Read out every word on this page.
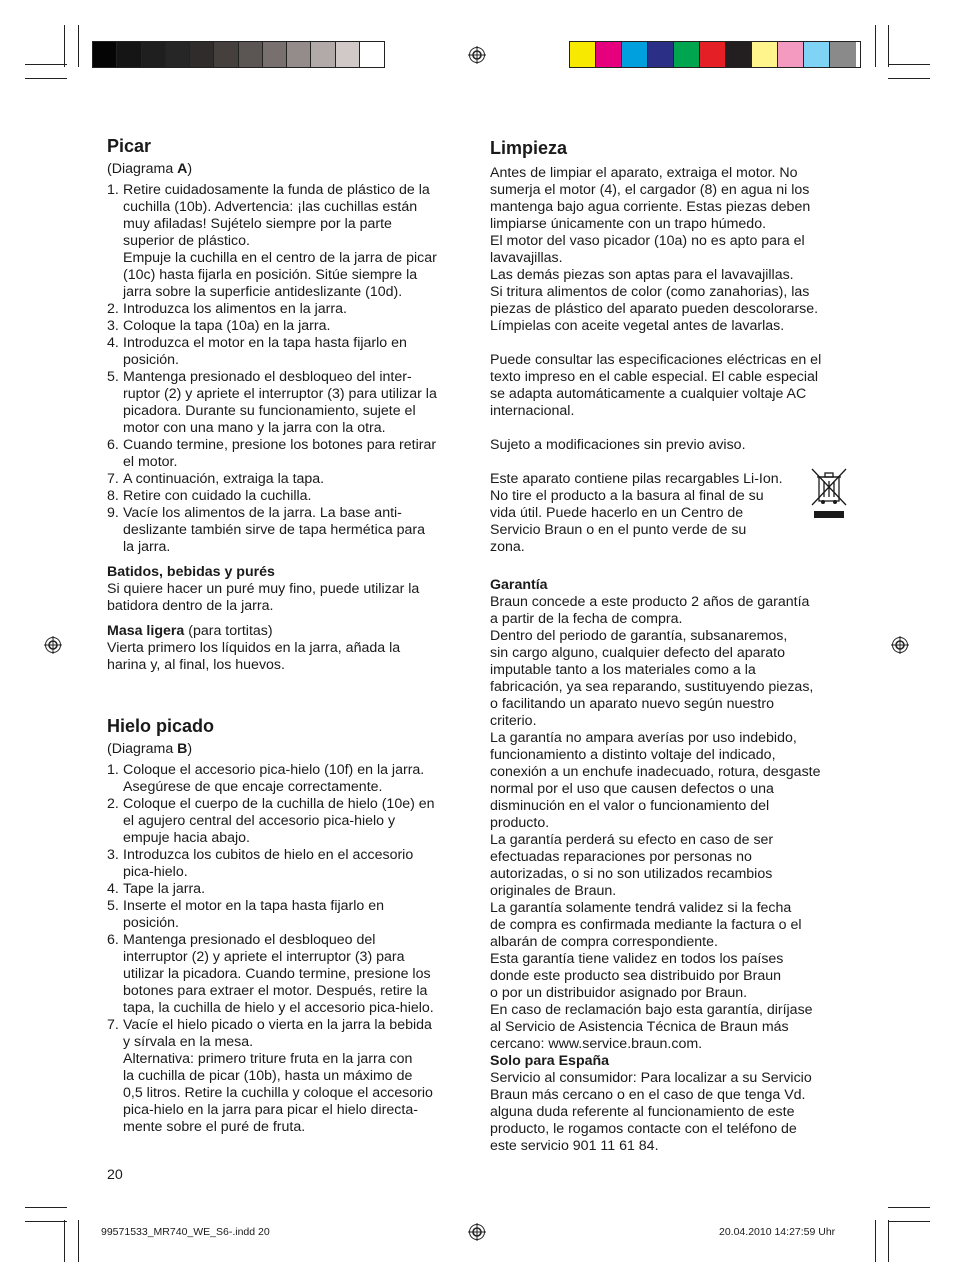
Picar
(Diagrama A)
1. Retire cuidadosamente la funda de plástico de la
cuchilla (10b). Advertencia: ¡las cuchillas están
muy afiladas! Sujételo siempre por la parte
superior de plástico.
Empuje la cuchilla en el centro de la jarra de picar
(10c) hasta fijarla en posición. Sitúe siempre la
jarra sobre la superficie antideslizante (10d).
2. Introduzca los alimentos en la jarra.
3. Coloque la tapa (10a) en la jarra.
4. Introduzca el motor en la tapa hasta fijarlo en
posición.
5. Mantenga presionado el desbloqueo del inter-
ruptor (2) y apriete el interruptor (3) para utilizar la
picadora. Durante su funcionamiento, sujete el
motor con una mano y la jarra con la otra.
6. Cuando termine, presione los botones para retirar
el motor.
7. A continuación, extraiga la tapa.
8. Retire con cuidado la cuchilla.
9. Vacíe los alimentos de la jarra. La base anti-
deslizante también sirve de tapa hermética para
la jarra.
Batidos, bebidas y purés
Si quiere hacer un puré muy fino, puede utilizar la
batidora dentro de la jarra.
Masa ligera (para tortitas)
Vierta primero los líquidos en la jarra, añada la
harina y, al final, los huevos.
Hielo picado
(Diagrama B)
1. Coloque el accesorio pica-hielo (10f) en la jarra.
Asegúrese de que encaje correctamente.
2. Coloque el cuerpo de la cuchilla de hielo (10e) en
el agujero central del accesorio pica-hielo y
empuje hacia abajo.
3. Introduzca los cubitos de hielo en el accesorio
pica-hielo.
4. Tape la jarra.
5. Inserte el motor en la tapa hasta fijarlo en
posición.
6. Mantenga presionado el desbloqueo del
interruptor (2) y apriete el interruptor (3) para
utilizar la picadora. Cuando termine, presione los
botones para extraer el motor. Después, retire la
tapa, la cuchilla de hielo y el accesorio pica-hielo.
7. Vacíe el hielo picado o vierta en la jarra la bebida
y sírvala en la mesa.
Alternativa: primero triture fruta en la jarra con
la cuchilla de picar (10b), hasta un máximo de
0,5 litros. Retire la cuchilla y coloque el accesorio
pica-hielo en la jarra para picar el hielo directa-
mente sobre el puré de fruta.
20
Limpieza
Antes de limpiar el aparato, extraiga el motor. No
sumerja el motor (4), el cargador (8) en agua ni los
mantenga bajo agua corriente. Estas piezas deben
limpiarse únicamente con un trapo húmedo.
El motor del vaso picador (10a) no es apto para el
lavavajillas.
Las demás piezas son aptas para el lavavajillas.
Si tritura alimentos de color (como zanahorias), las
piezas de plástico del aparato pueden descolorarse.
Límpielas con aceite vegetal antes de lavarlas.
Puede consultar las especificaciones eléctricas en el
texto impreso en el cable especial. El cable especial
se adapta automáticamente a cualquier voltaje AC
internacional.
Sujeto a modificaciones sin previo aviso.
Este aparato contiene pilas recargables Li-Ion.
No tire el producto a la basura al final de su
vida útil. Puede hacerlo en un Centro de
Servicio Braun o en el punto verde de su
zona.
Garantía
Braun concede a este producto 2 años de garantía
a partir de la fecha de compra.
Dentro del periodo de garantía, subsanaremos,
sin cargo alguno, cualquier defecto del aparato
imputable tanto a los materiales como a la
fabricación, ya sea reparando, sustituyendo piezas,
o facilitando un aparato nuevo según nuestro
criterio.
La garantía no ampara averías por uso indebido,
funcionamiento a distinto voltaje del indicado,
conexión a un enchufe inadecuado, rotura, desgaste
normal por el uso que causen defectos o una
disminución en el valor o funcionamiento del
producto.
La garantía perderá su efecto en caso de ser
efectuadas reparaciones por personas no
autorizadas, o si no son utilizados recambios
originales de Braun.
La garantía solamente tendrá validez si la fecha
de compra es confirmada mediante la factura o el
albarán de compra correspondiente.
Esta garantía tiene validez en todos los países
donde este producto sea distribuido por Braun
o por un distribuidor asignado por Braun.
En caso de reclamación bajo esta garantía, diríjase
al Servicio de Asistencia Técnica de Braun más
cercano: www.service.braun.com.
Solo para España
Servicio al consumidor: Para localizar a su Servicio
Braun más cercano o en el caso de que tenga Vd.
alguna duda referente al funcionamiento de este
producto, le rogamos contacte con el teléfono de
este servicio 901 11 61 84.
99571533_MR740_WE_S6-.indd 20	20.04.2010 14:27:59 Uhr
